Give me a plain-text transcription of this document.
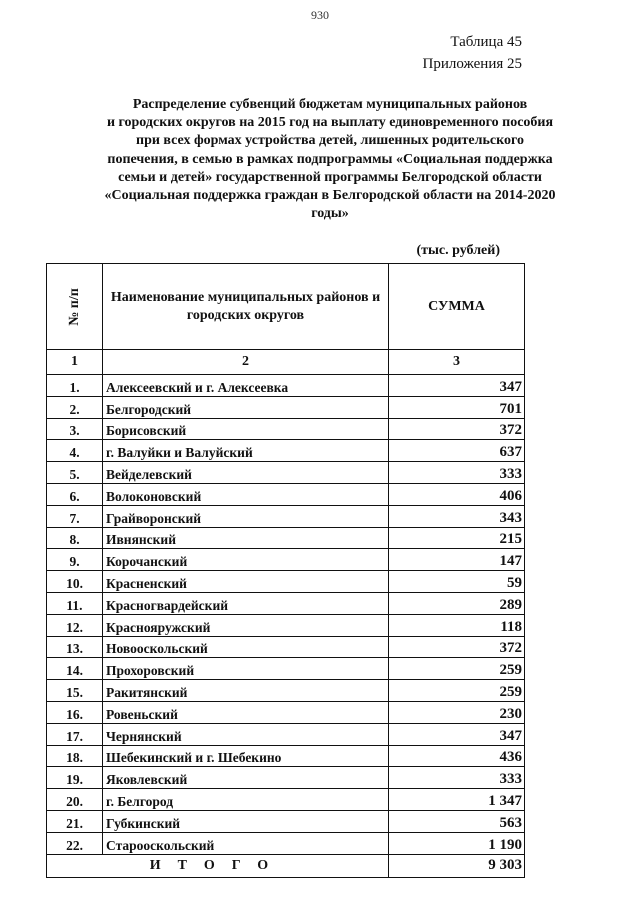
930
Таблица 45
Приложения 25
Распределение субвенций бюджетам муниципальных районов
и городских округов на 2015 год на выплату единовременного пособия
при всех формах устройства детей, лишенных родительского
попечения, в семью в рамках подпрограммы «Социальная поддержка
семьи и детей» государственной программы Белгородской области
«Социальная поддержка граждан в Белгородской области на 2014-2020
годы»
(тыс. рублей)
№ п/п	Наименование муниципальных районов и городских округов	СУММА
1	2	3
1.	Алексеевский и г. Алексеевка	347
2.	Белгородский	701
3.	Борисовский	372
4.	г. Валуйки и Валуйский	637
5.	Вейделевский	333
6.	Волоконовский	406
7.	Грайворонский	343
8.	Ивнянский	215
9.	Корочанский	147
10.	Красненский	59
11.	Красногвардейский	289
12.	Краснояружский	118
13.	Новооскольский	372
14.	Прохоровский	259
15.	Ракитянский	259
16.	Ровеньский	230
17.	Чернянский	347
18.	Шебекинский и г. Шебекино	436
19.	Яковлевский	333
20.	г. Белгород	1 347
21.	Губкинский	563
22.	Старооскольский	1 190
ИТОГО		9 303
